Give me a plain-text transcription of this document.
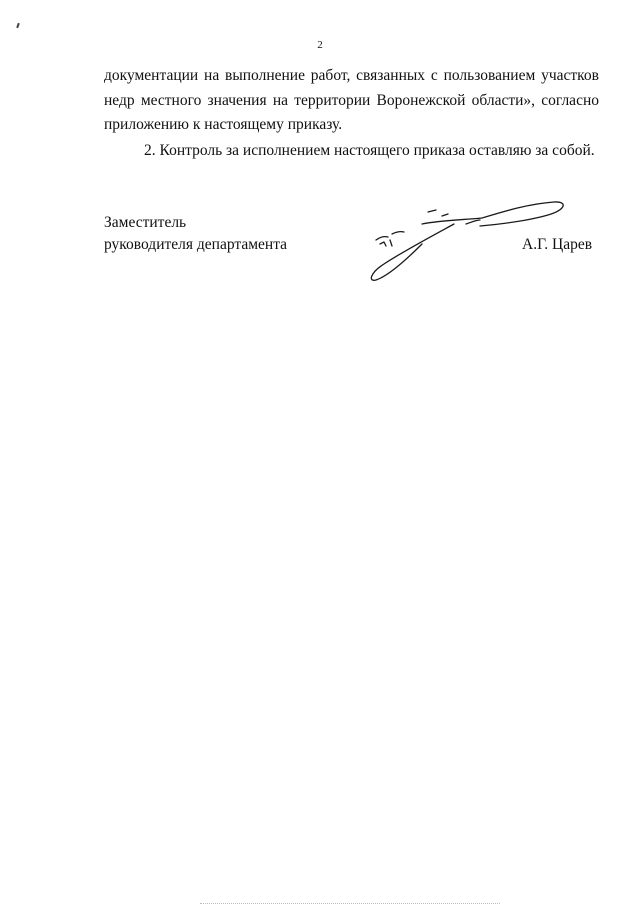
2

документации на выполнение работ, связанных с пользованием участков недр местного значения на территории Воронежской области», согласно приложению к настоящему приказу.

2. Контроль за исполнением настоящего приказа оставляю за собой.

Заместитель
руководителя департамента	А.Г. Царев
